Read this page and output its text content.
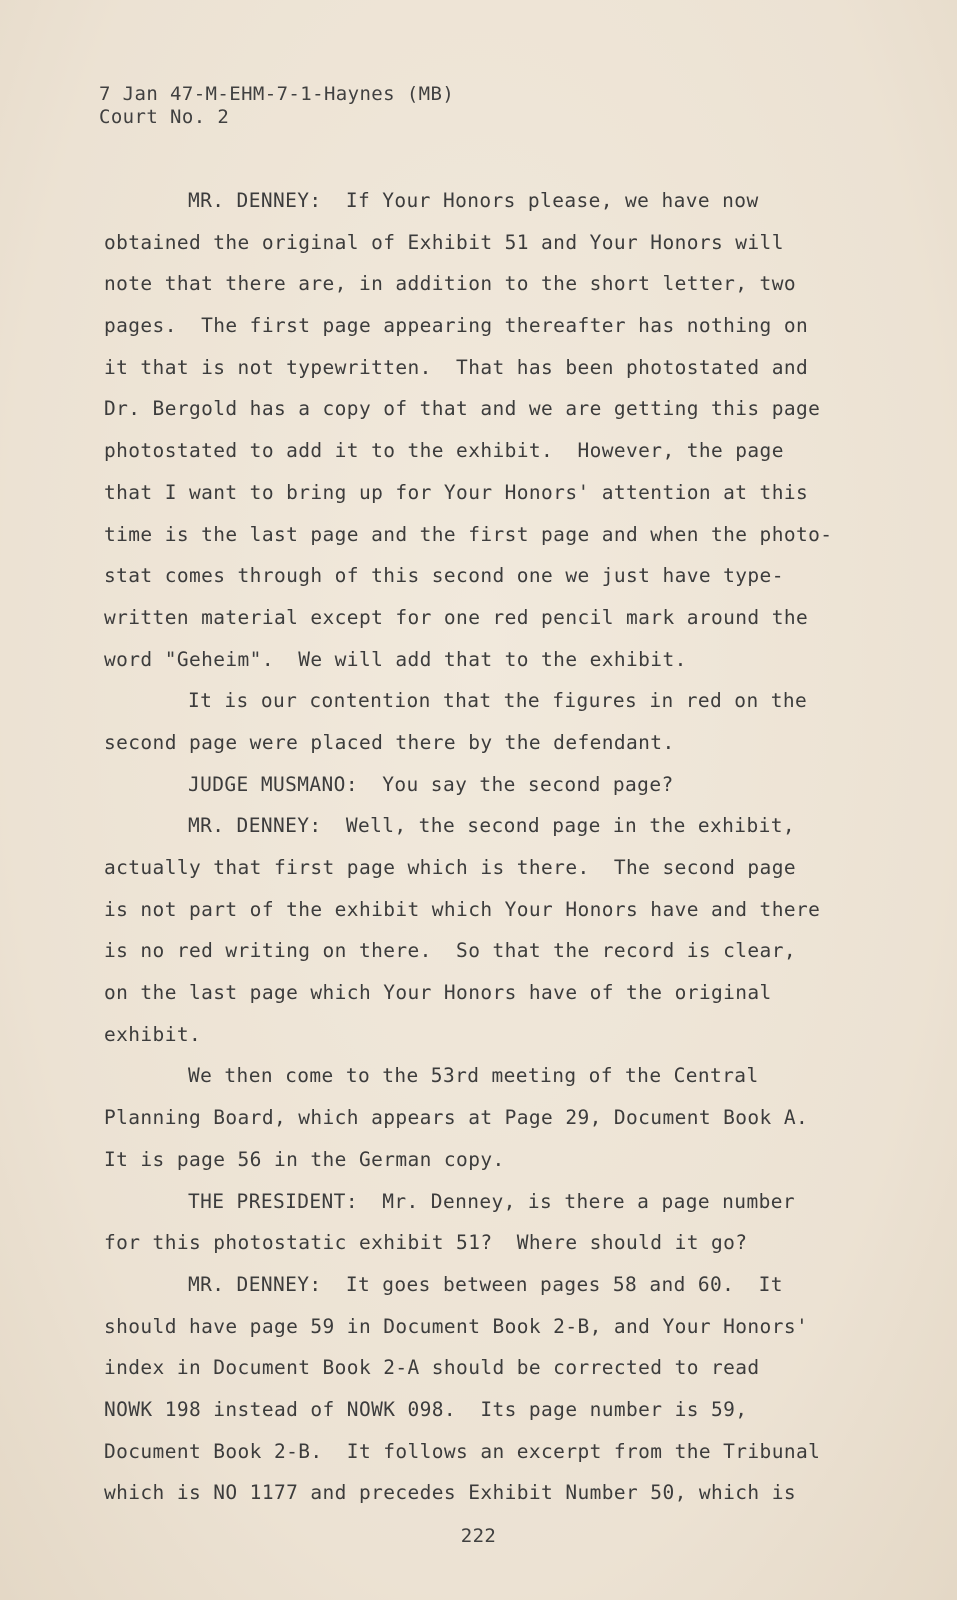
7 Jan 47-M-EHM-7-1-Haynes (MB)
Court No. 2
MR. DENNEY:  If Your Honors please, we have now
obtained the original of Exhibit 51 and Your Honors will
note that there are, in addition to the short letter, two
pages.  The first page appearing thereafter has nothing on
it that is not typewritten.  That has been photostated and
Dr. Bergold has a copy of that and we are getting this page
photostated to add it to the exhibit.  However, the page
that I want to bring up for Your Honors' attention at this
time is the last page and the first page and when the photo-
stat comes through of this second one we just have type-
written material except for one red pencil mark around the
word "Geheim".  We will add that to the exhibit.
It is our contention that the figures in red on the
second page were placed there by the defendant.
JUDGE MUSMANO:  You say the second page?
MR. DENNEY:  Well, the second page in the exhibit,
actually that first page which is there.  The second page
is not part of the exhibit which Your Honors have and there
is no red writing on there.  So that the record is clear,
on the last page which Your Honors have of the original
exhibit.
We then come to the 53rd meeting of the Central
Planning Board, which appears at Page 29, Document Book A.
It is page 56 in the German copy.
THE PRESIDENT:  Mr. Denney, is there a page number
for this photostatic exhibit 51?  Where should it go?
MR. DENNEY:  It goes between pages 58 and 60.  It
should have page 59 in Document Book 2-B, and Your Honors'
index in Document Book 2-A should be corrected to read
NOWK 198 instead of NOWK 098.  Its page number is 59,
Document Book 2-B.  It follows an excerpt from the Tribunal
which is NO 1177 and precedes Exhibit Number 50, which is
222
